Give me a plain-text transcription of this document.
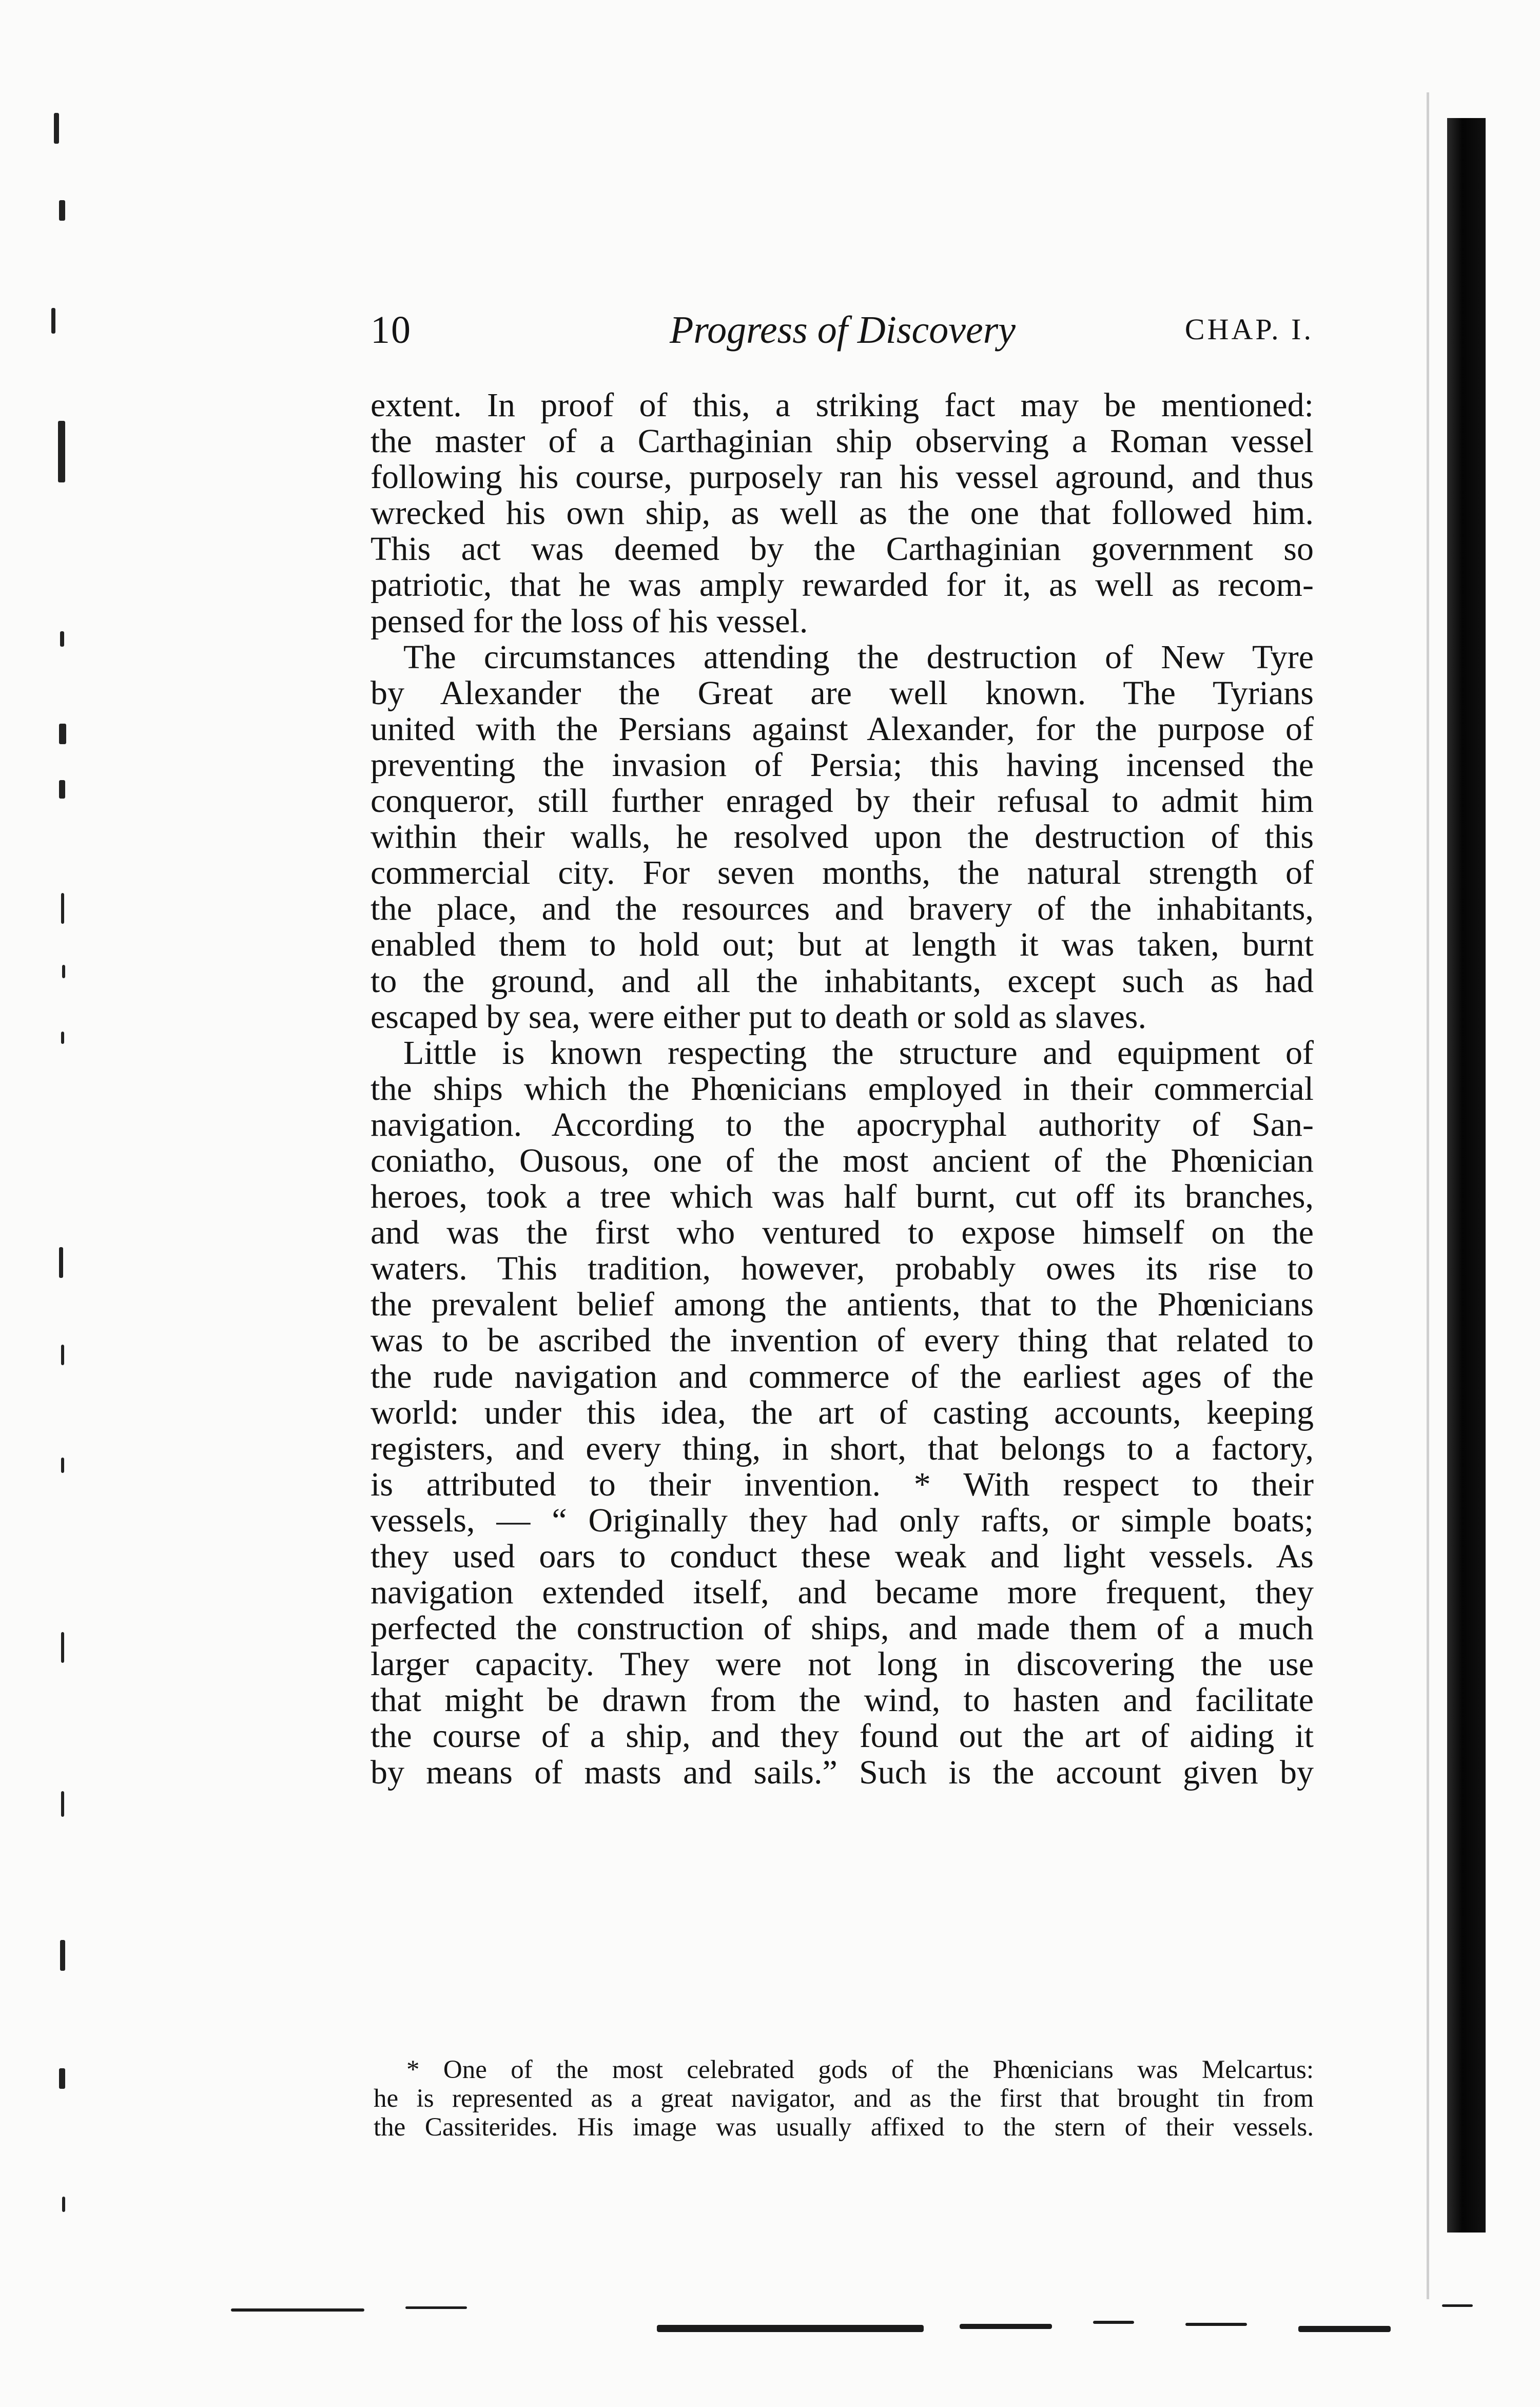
10	Progress of Discovery	CHAP. I.
extent. In proof of this, a striking fact may be mentioned:
the master of a Carthaginian ship observing a Roman vessel
following his course, purposely ran his vessel aground, and thus
wrecked his own ship, as well as the one that followed him.
This act was deemed by the Carthaginian government so
patriotic, that he was amply rewarded for it, as well as recom-
pensed for the loss of his vessel.
The circumstances attending the destruction of New Tyre
by Alexander the Great are well known. The Tyrians
united with the Persians against Alexander, for the purpose of
preventing the invasion of Persia; this having incensed the
conqueror, still further enraged by their refusal to admit him
within their walls, he resolved upon the destruction of this
commercial city. For seven months, the natural strength of
the place, and the resources and bravery of the inhabitants,
enabled them to hold out; but at length it was taken, burnt
to the ground, and all the inhabitants, except such as had
escaped by sea, were either put to death or sold as slaves.
Little is known respecting the structure and equipment of
the ships which the Phœnicians employed in their commercial
navigation. According to the apocryphal authority of San-
coniatho, Ousous, one of the most ancient of the Phœnician
heroes, took a tree which was half burnt, cut off its branches,
and was the first who ventured to expose himself on the
waters. This tradition, however, probably owes its rise to
the prevalent belief among the antients, that to the Phœnicians
was to be ascribed the invention of every thing that related to
the rude navigation and commerce of the earliest ages of the
world: under this idea, the art of casting accounts, keeping
registers, and every thing, in short, that belongs to a factory,
is attributed to their invention. * With respect to their
vessels, — “ Originally they had only rafts, or simple boats;
they used oars to conduct these weak and light vessels. As
navigation extended itself, and became more frequent, they
perfected the construction of ships, and made them of a much
larger capacity. They were not long in discovering the use
that might be drawn from the wind, to hasten and facilitate
the course of a ship, and they found out the art of aiding it
by means of masts and sails.” Such is the account given by
* One of the most celebrated gods of the Phœnicians was Melcartus:
he is represented as a great navigator, and as the first that brought tin from
the Cassiterides. His image was usually affixed to the stern of their vessels.
